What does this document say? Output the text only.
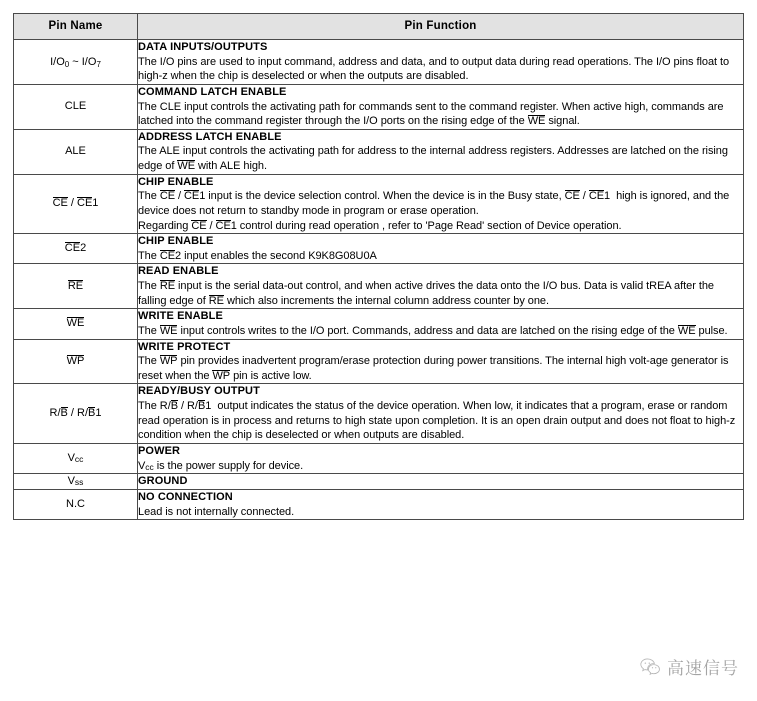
Pin Name	Pin Function
$I/O_0$ ~ $I/O_7$	DATA INPUTS/OUTPUTS
The I/O pins are used to input command, address and data, and to output data during read operations. The I/O pins float to high-z when the chip is deselected or when the outputs are disabled.

CLE	COMMAND LATCH ENABLE
The CLE input controls the activating path for commands sent to the command register. When active high, commands are latched into the command register through the I/O ports on the rising edge of the WE signal.

ALE	ADDRESS LATCH ENABLE
The ALE input controls the activating path for address to the internal address registers. Addresses are latched on the rising edge of WE with ALE high.

CE / CE1	CHIP ENABLE
The CE / CE1 input is the device selection control. When the device is in the Busy state, CE / CE1  high is ignored, and the device does not return to standby mode in program or erase operation.
Regarding CE / CE1 control during read operation , refer to 'Page Read' section of Device operation.

CE2	CHIP ENABLE
The CE2 input enables the second K9K8G08U0A

RE	READ ENABLE
The RE input is the serial data-out control, and when active drives the data onto the I/O bus. Data is valid tREA after the falling edge of RE which also increments the internal column address counter by one.

WE	WRITE ENABLE
The WE input controls writes to the I/O port. Commands, address and data are latched on the rising edge of the WE pulse.

WP	WRITE PROTECT
The WP pin provides inadvertent program/erase protection during power transitions. The internal high volt-age generator is reset when the WP pin is active low.

R/B / R/B1	READY/BUSY OUTPUT
The R/B / R/B1  output indicates the status of the device operation. When low, it indicates that a program, erase or random read operation is in process and returns to high state upon completion. It is an open drain output and does not float to high-z condition when the chip is deselected or when outputs are disabled.

Vcc	POWER
Vcc is the power supply for device.

Vss	GROUND

N.C	NO CONNECTION
Lead is not internally connected.
高速信号
